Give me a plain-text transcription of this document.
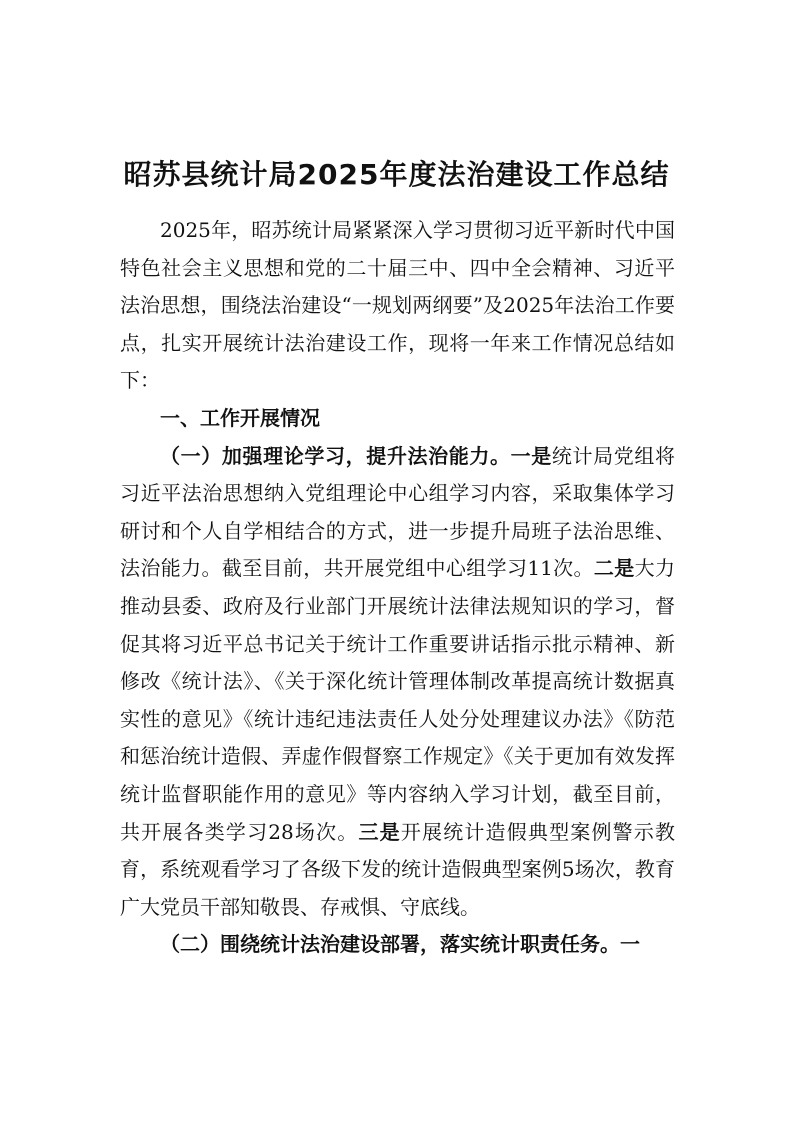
昭苏县统计局2025年度法治建设工作总结

2025年，昭苏统计局紧紧深入学习贯彻习近平新时代中国特色社会主义思想和党的二十届三中、四中全会精神、习近平法治思想，围绕法治建设“一规划两纲要”及2025年法治工作要点，扎实开展统计法治建设工作，现将一年来工作情况总结如下：

一、工作开展情况

（一）加强理论学习，提升法治能力。一是统计局党组将习近平法治思想纳入党组理论中心组学习内容，采取集体学习研讨和个人自学相结合的方式，进一步提升局班子法治思维、法治能力。截至目前，共开展党组中心组学习11次。二是大力推动县委、政府及行业部门开展统计法律法规知识的学习，督促其将习近平总书记关于统计工作重要讲话指示批示精神、新修改《统计法》、《关于深化统计管理体制改革提高统计数据真实性的意见》《统计违纪违法责任人处分处理建议办法》《防范和惩治统计造假、弄虚作假督察工作规定》《关于更加有效发挥统计监督职能作用的意见》等内容纳入学习计划，截至目前，共开展各类学习28场次。三是开展统计造假典型案例警示教育，系统观看学习了各级下发的统计造假典型案例5场次，教育广大党员干部知敬畏、存戒惧、守底线。

（二）围绕统计法治建设部署，落实统计职责任务。一
